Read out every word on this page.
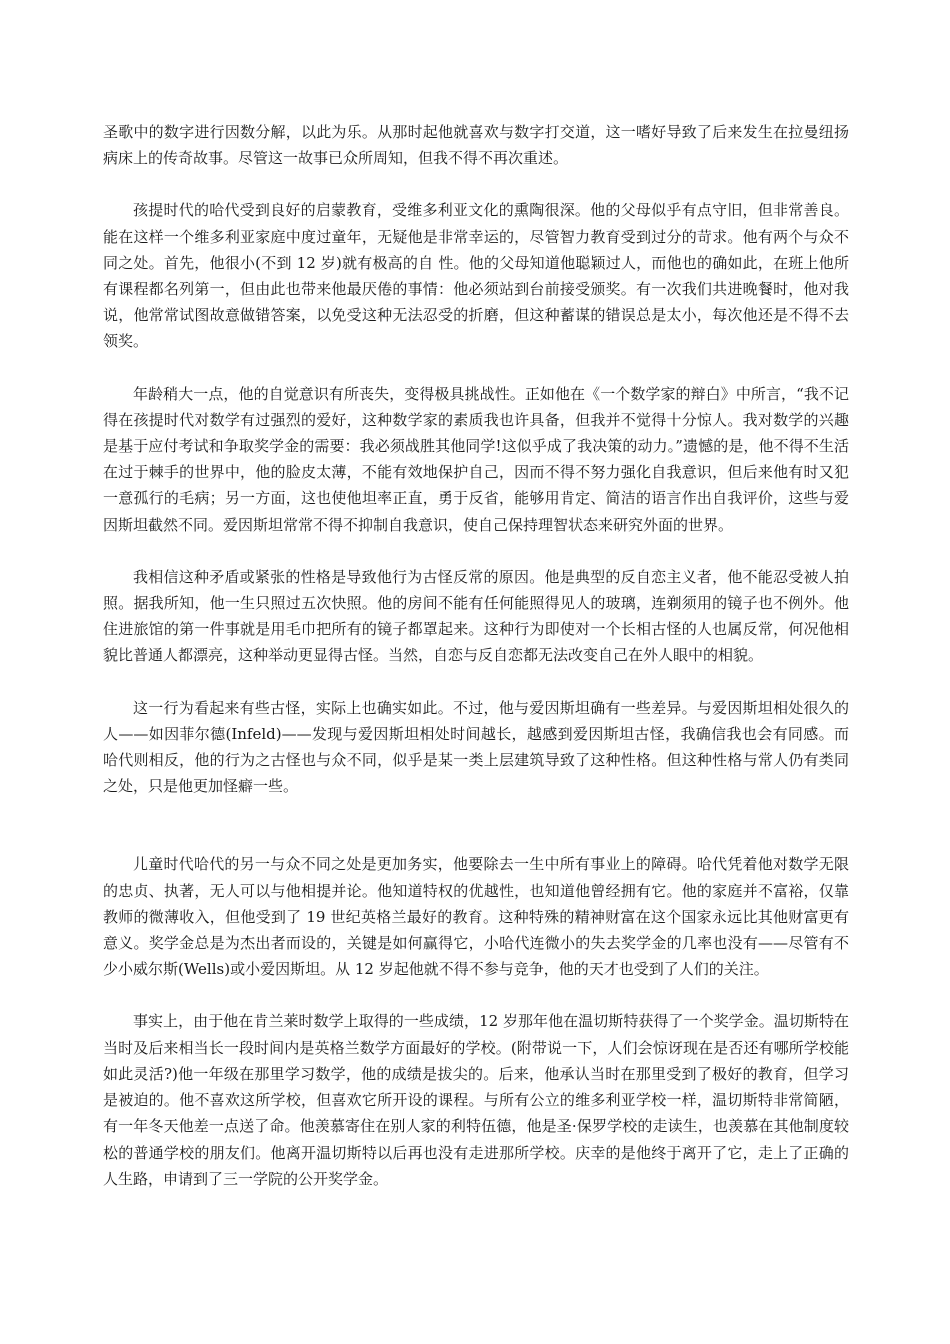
圣歌中的数字进行因数分解，以此为乐。从那时起他就喜欢与数字打交道，这一嗜好导致了后来发生在拉曼纽扬病床上的传奇故事。尽管这一故事已众所周知，但我不得不再次重述。

孩提时代的哈代受到良好的启蒙教育，受维多利亚文化的熏陶很深。他的父母似乎有点守旧，但非常善良。能在这样一个维多利亚家庭中度过童年，无疑他是非常幸运的，尽管智力教育受到过分的苛求。他有两个与众不同之处。首先，他很小(不到 12 岁)就有极高的自 性。他的父母知道他聪颖过人，而他也的确如此，在班上他所有课程都名列第一，但由此也带来他最厌倦的事情：他必须站到台前接受颁奖。有一次我们共进晚餐时，他对我说，他常常试图故意做错答案，以免受这种无法忍受的折磨，但这种蓄谋的错误总是太小，每次他还是不得不去领奖。

年龄稍大一点，他的自觉意识有所丧失，变得极具挑战性。正如他在《一个数学家的辩白》中所言，“我不记得在孩提时代对数学有过强烈的爱好，这种数学家的素质我也许具备，但我并不觉得十分惊人。我对数学的兴趣是基于应付考试和争取奖学金的需要：我必须战胜其他同学!这似乎成了我决策的动力。”遗憾的是，他不得不生活在过于棘手的世界中，他的脸皮太薄，不能有效地保护自己，因而不得不努力强化自我意识，但后来他有时又犯一意孤行的毛病；另一方面，这也使他坦率正直，勇于反省，能够用肯定、简洁的语言作出自我评价，这些与爱因斯坦截然不同。爱因斯坦常常不得不抑制自我意识，使自己保持理智状态来研究外面的世界。

我相信这种矛盾或紧张的性格是导致他行为古怪反常的原因。他是典型的反自恋主义者，他不能忍受被人拍照。据我所知，他一生只照过五次快照。他的房间不能有任何能照得见人的玻璃，连剃须用的镜子也不例外。他住进旅馆的第一件事就是用毛巾把所有的镜子都罩起来。这种行为即使对一个长相古怪的人也属反常，何况他相貌比普通人都漂亮，这种举动更显得古怪。当然，自恋与反自恋都无法改变自己在外人眼中的相貌。

这一行为看起来有些古怪，实际上也确实如此。不过，他与爱因斯坦确有一些差异。与爱因斯坦相处很久的人——如因菲尔德(Infeld)——发现与爱因斯坦相处时间越长，越感到爱因斯坦古怪，我确信我也会有同感。而哈代则相反，他的行为之古怪也与众不同，似乎是某一类上层建筑导致了这种性格。但这种性格与常人仍有类同之处，只是他更加怪癖一些。

儿童时代哈代的另一与众不同之处是更加务实，他要除去一生中所有事业上的障碍。哈代凭着他对数学无限的忠贞、执著，无人可以与他相提并论。他知道特权的优越性，也知道他曾经拥有它。他的家庭并不富裕，仅靠教师的微薄收入，但他受到了 19 世纪英格兰最好的教育。这种特殊的精神财富在这个国家永远比其他财富更有意义。奖学金总是为杰出者而设的，关键是如何赢得它，小哈代连微小的失去奖学金的几率也没有——尽管有不少小威尔斯(Wells)或小爱因斯坦。从 12 岁起他就不得不参与竞争，他的天才也受到了人们的关注。

事实上，由于他在肯兰莱时数学上取得的一些成绩，12 岁那年他在温切斯特获得了一个奖学金。温切斯特在当时及后来相当长一段时间内是英格兰数学方面最好的学校。(附带说一下，人们会惊讶现在是否还有哪所学校能如此灵活?)他一年级在那里学习数学，他的成绩是拔尖的。后来，他承认当时在那里受到了极好的教育，但学习是被迫的。他不喜欢这所学校，但喜欢它所开设的课程。与所有公立的维多利亚学校一样，温切斯特非常简陋，有一年冬天他差一点送了命。他羡慕寄住在别人家的利特伍德，他是圣·保罗学校的走读生，也羡慕在其他制度较松的普通学校的朋友们。他离开温切斯特以后再也没有走进那所学校。庆幸的是他终于离开了它，走上了正确的人生路，申请到了三一学院的公开奖学金。
